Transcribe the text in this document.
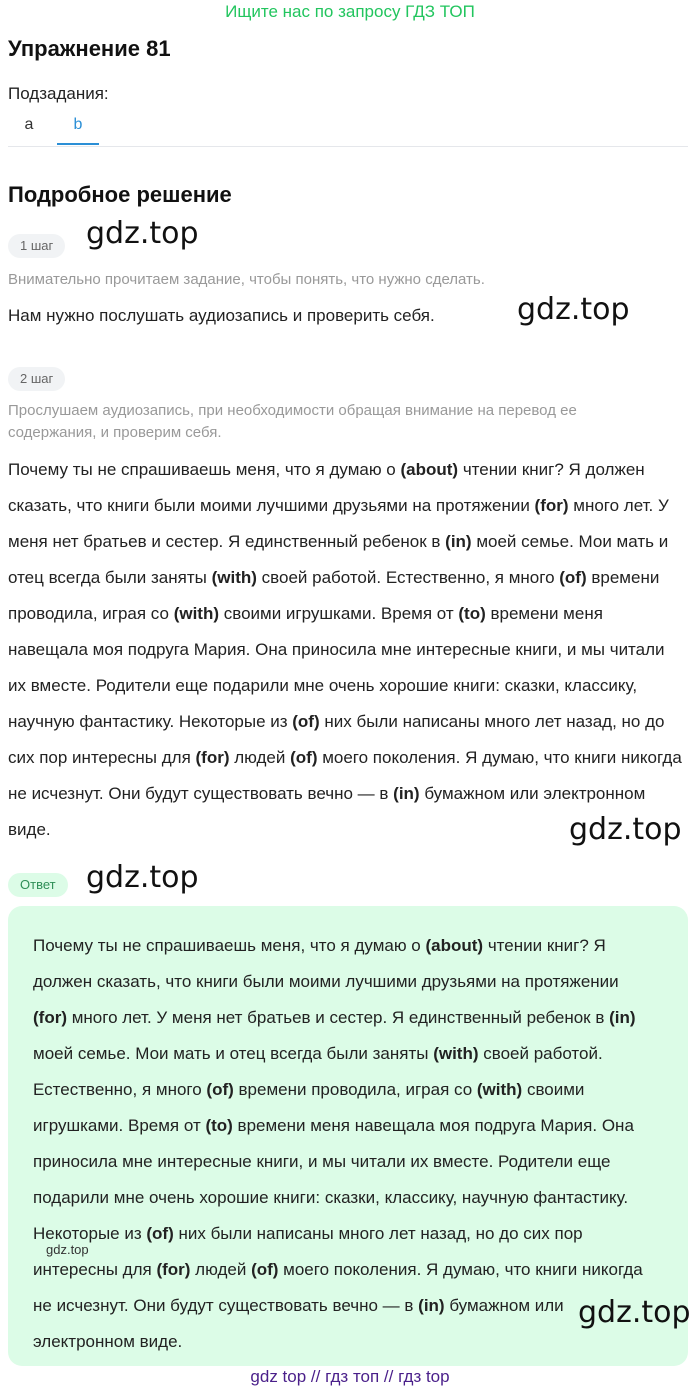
Ищите нас по запросу ГДЗ ТОП
Упражнение 81
Подзадания:
a	b
Подробное решение
1 шаг	gdz.top
Внимательно прочитаем задание, чтобы понять, что нужно сделать.
Нам нужно послушать аудиозапись и проверить себя.	gdz.top
2 шаг
Прослушаем аудиозапись, при необходимости обращая внимание на перевод ее содержания, и проверим себя.
Почему ты не спрашиваешь меня, что я думаю о (about) чтении книг? Я должен сказать, что книги были моими лучшими друзьями на протяжении (for) много лет. У меня нет братьев и сестер. Я единственный ребенок в (in) моей семье. Мои мать и отец всегда были заняты (with) своей работой. Естественно, я много (of) времени проводила, играя со (with) своими игрушками. Время от (to) времени меня навещала моя подруга Мария. Она приносила мне интересные книги, и мы читали их вместе. Родители еще подарили мне очень хорошие книги: сказки, классику, научную фантастику. Некоторые из (of) них были написаны много лет назад, но до сих пор интересны для (for) людей (of) моего поколения. Я думаю, что книги никогда не исчезнут. Они будут существовать вечно — в (in) бумажном или электронном виде.	gdz.top
Ответ	gdz.top
Почему ты не спрашиваешь меня, что я думаю о (about) чтении книг? Я должен сказать, что книги были моими лучшими друзьями на протяжении (for) много лет. У меня нет братьев и сестер. Я единственный ребенок в (in) моей семье. Мои мать и отец всегда были заняты (with) своей работой. Естественно, я много (of) времени проводила, играя со (with) своими игрушками. Время от (to) времени меня навещала моя подруга Мария. Она приносила мне интересные книги, и мы читали их вместе. Родители еще подарили мне очень хорошие книги: сказки, классику, научную фантастику. Некоторые из (of) них были написаны много лет назад, но до сих пор интересны для (for) людей (of) моего поколения. Я думаю, что книги никогда не исчезнут. Они будут существовать вечно — в (in) бумажном или электронном виде.
gdz.top
gdz.top
gdz top // гдз топ // гдз top
